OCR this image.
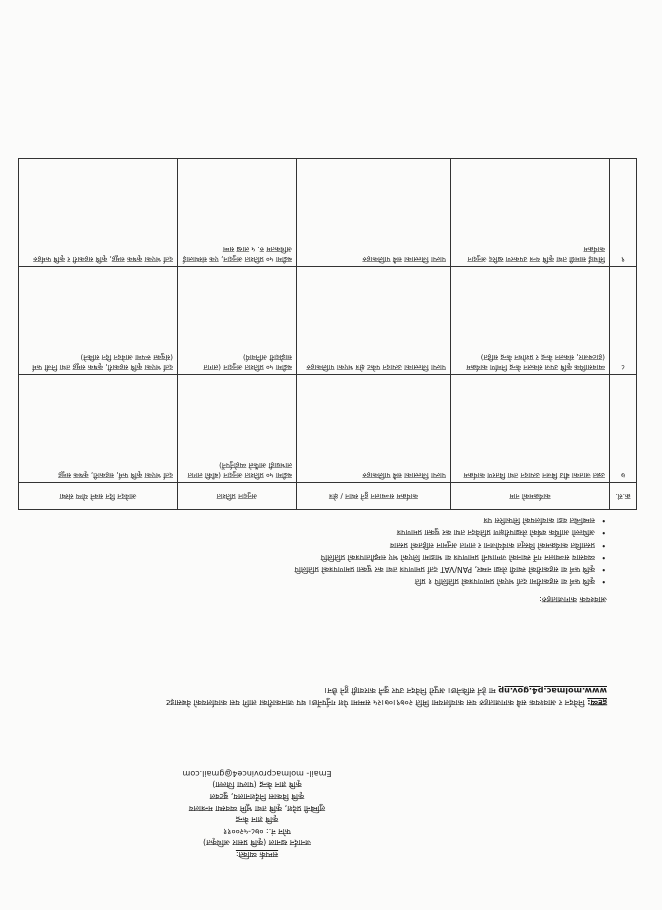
क्र.सं.	कार्यक्रमको नाम	कार्यक्रम सञ्चालन हुने स्थान / क्षेत्र	अनुदान प्रतिशत	आवेदन दिन सक्ने योग्य संस्था
७	उन्नत जातका बीउ बिजन उत्पादन तथा वितरण कार्यक्रम	पाल्पा जिल्लाका सबै पालिकाहरु	बढीमा ५० प्रतिशत अनुदान (बाँकी लागत लाभग्राही आफैंले व्यहोर्नुपर्ने)	दर्ता भएका कृषि फर्म, सहकारी, कृषक समूह
८	व्यावसायिक कृषि उपज संकलन केन्द्र निर्माण कार्यक्रम (हाटबजार, संकलन केन्द्र र प्रशोधन केन्द्र सहित)	पाल्पा जिल्लाका उत्पादन पकेट क्षेत्र भएका पालिकाहरु	बढीमा ५० प्रतिशत अनुदान (लागत साझेदारी अनिवार्य)	दर्ता भएका कृषि सहकारी, कृषक समूह तथा निजी फर्म (संयुक्त रूपमा आवेदन दिन सकिने)
९	सिंचाई सामग्री तथा कृषि यन्त्र उपकरण खरिद अनुदान कार्यक्रम	पाल्पा जिल्लाका सबै पालिकाहरु	बढीमा ५० प्रतिशत अनुदान, एक संस्थालाई अधिकतम रु. ५ लाख सम्म	दर्ता भएका कृषक समूह, कृषि सहकारी र कृषि फर्महरु
आवश्यक कागजातहरु:
• कृषि फर्म वा सहकारीमा दर्ता भएको प्रमाणपत्रको प्रतिलिपि १ प्रति
• कृषि फर्म वा सहकारीको स्थायी लेखा नम्बर, PAN/VAT दर्ता प्रमाणपत्र तथा कर चुक्ता प्रमाणपत्रको प्रतिलिपि
• व्यवसाय सञ्चालन गर्ने स्थानको जग्गाधनी प्रमाणपत्र वा भाडामा लिएको भए सम्झौतापत्रको प्रतिलिपि
• प्रस्तावित कार्यक्रमको विस्तृत कार्ययोजना र लागत अनुमान सहितको प्रस्ताव
• अघिल्लो आर्थिक वर्षको लेखापरीक्षण प्रतिवेदन तथा कर चुक्ता प्रमाणपत्र
• सम्बन्धित वडा कार्यालयको सिफारिस पत्र
द्रष्टव्य: निवेदन र आवश्यक सबै कागजातहरु यस कार्यालयमा मिति २०७९।०७।२५ सम्ममा पेश गर्नुपर्नेछ। थप जानकारीका लागि यस कार्यालयको वेबसाइट www.molmac.p4.gov.np मा हेर्न सकिनेछ। अपुरो निवेदन उपर कुनै कारवाही हुने छैन।
सम्पर्क व्यक्ति:
जनार्दन खनाल (कृषि प्रसार अधिकृत)
फोन नं.: ०७८-५२००११
कृषि ज्ञान केन्द्र
लुम्बिनी प्रदेश, कृषि तथा भूमि व्यवस्था मन्त्रालय
कृषि विकास निर्देशनालय, बुटवल
कृषि ज्ञान केन्द्र (पाल्पा जिल्ला)
Email- molmacprovince4@gmail.com
